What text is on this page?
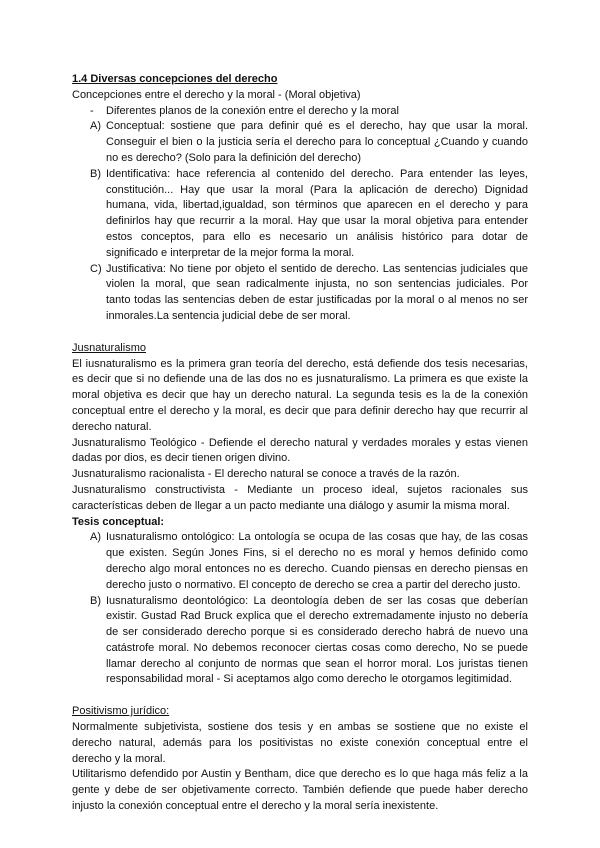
1.4 Diversas concepciones del derecho

Concepciones entre el derecho y la moral - (Moral objetiva)

- Diferentes planos de la conexión entre el derecho y la moral
A) Conceptual: sostiene que para definir qué es el derecho, hay que usar la moral.

Conseguir el bien o la justicia sería el derecho para lo conceptual ¿Cuando y cuando

no es derecho? (Solo para la definición del derecho)

B) Identificativa: hace referencia al contenido del derecho. Para entender las leyes,

constitución... Hay que usar la moral (Para la aplicación de derecho) Dignidad

humana, vida, libertad,igualdad, son términos que aparecen en el derecho y para

definirlos hay que recurrir a la moral. Hay que usar la moral objetiva para entender

estos conceptos, para ello es necesario un análisis histórico para dotar de

significado e interpretar de la mejor forma la moral.

C) Justificativa: No tiene por objeto el sentido de derecho. Las sentencias judiciales que

violen la moral, que sean radicalmente injusta, no son sentencias judiciales. Por

tanto todas las sentencias deben de estar justificadas por la moral o al menos no ser

inmorales.La sentencia judicial debe de ser moral.

Jusnaturalismo

El iusnaturalismo es la primera gran teoría del derecho, está defiende dos tesis necesarias,

es decir que si no defiende una de las dos no es jusnaturalismo. La primera es que existe la

moral objetiva es decir que hay un derecho natural. La segunda tesis es la de la conexión

conceptual entre el derecho y la moral, es decir que para definir derecho hay que recurrir al

derecho natural.

Jusnaturalismo Teológico - Defiende el derecho natural y verdades morales y estas vienen

dadas por dios, es decir tienen origen divino.

Jusnaturalismo racionalista - El derecho natural se conoce a través de la razón.

Jusnaturalismo constructivista - Mediante un proceso ideal, sujetos racionales sus

características deben de llegar a un pacto mediante una diálogo y asumir la misma moral.

Tesis conceptual:

A) Iusnaturalismo ontológico: La ontología se ocupa de las cosas que hay, de las cosas

que existen. Según Jones Fins, si el derecho no es moral y hemos definido como

derecho algo moral entonces no es derecho. Cuando piensas en derecho piensas en

derecho justo o normativo. El concepto de derecho se crea a partir del derecho justo.

B) Iusnaturalismo deontológico: La deontología deben de ser las cosas que deberían

existir. Gustad Rad Bruck explica que el derecho extremadamente injusto no debería

de ser considerado derecho porque si es considerado derecho habrá de nuevo una

catástrofe moral. No debemos reconocer ciertas cosas como derecho, No se puede

llamar derecho al conjunto de normas que sean el horror moral. Los juristas tienen

responsabilidad moral - Si aceptamos algo como derecho le otorgamos legitimidad.

Positivismo jurídico:

Normalmente subjetivista, sostiene dos tesis y en ambas se sostiene que no existe el

derecho natural, además para los positivistas no existe conexión conceptual entre el

derecho y la moral.

Utilitarismo defendido por Austin y Bentham, dice que derecho es lo que haga más feliz a la

gente y debe de ser objetivamente correcto. También defiende que puede haber derecho

injusto la conexión conceptual entre el derecho y la moral sería inexistente.
